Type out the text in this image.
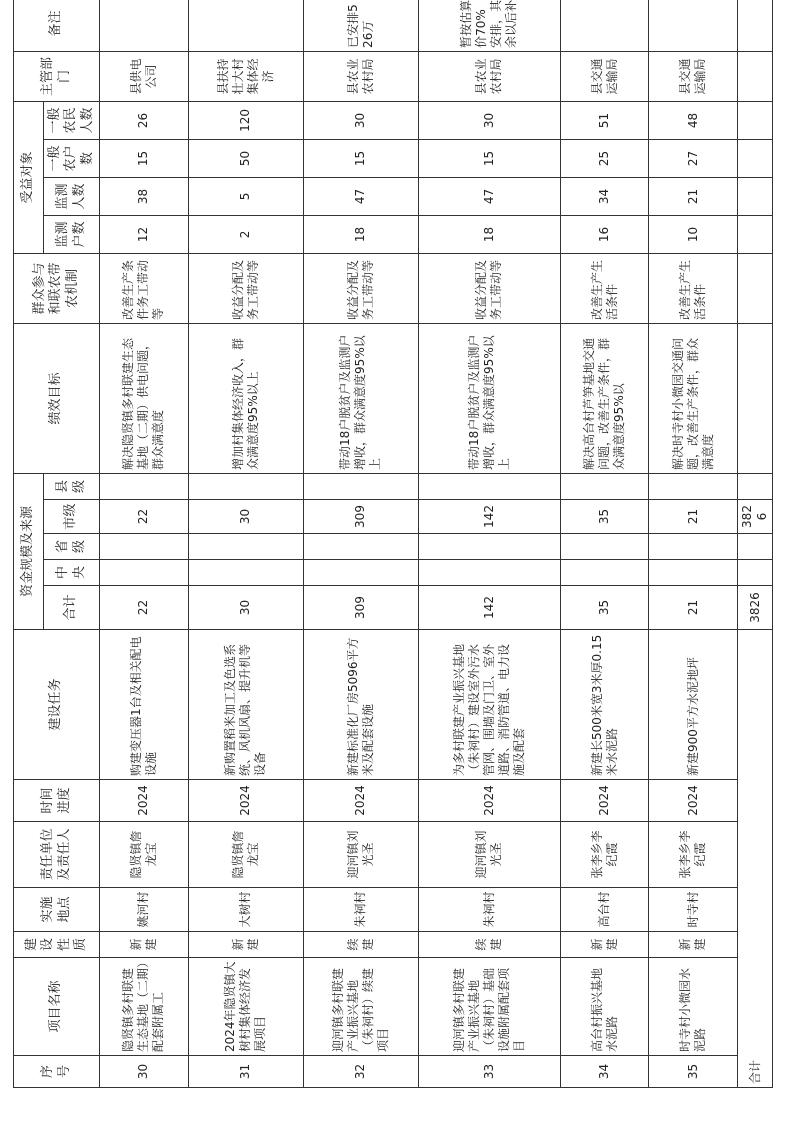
序号	项目名称	建设性质	实施地点	责任单位及责任人	时间进度	建设任务	资金规模及来源					绩效目标	群众参与和联农带农机制	受益对象				主管部门	备注
							合计	中央	省级	市级	县级			监测户数	监测人数	一般农户数	一般农民人数		

30	隐贤镇多村联建生态基地（二期）配套附属工	新建	姚河村	隐贤镇詹龙宝	2024	购建变压器1台及相关配电设施	22			22		解决隐贤镇多村联建生态基地（二期）供电问题，群众满意度	改善生产条件务工带动等	12	38	15	26	县供电公司	
31	2024年隐贤镇大树村集体经济发展项目	新建	大树村	隐贤镇詹龙宝	2024	新购置稻米加工及色选系统、风机风扇、提升机等设备	30			30		增加村集体经济收入，群众满意度95%以上	收益分配及务工带动等	2	5	50	120	县扶持壮大村集体经济	
32	迎河镇多村联建产业振兴基地（朱祠村）续建项目	续建	朱祠村	迎河镇刘光圣	2024	新建标准化厂房5096平方米及配套设施	309			309		带动18户脱贫户及监测户增收，群众满意度95%以上	收益分配及务工带动等	18	47	15	30	县农业农村局	已安排526万
33	迎河镇多村联建产业振兴基地（朱祠村）基础设施附属配套项目	续建	朱祠村	迎河镇刘光圣	2024	为多村联建产业振兴基地（朱祠村）建设室外污水管网、围墙及门卫、室外道路、消防管道、电力设施及配套	142			142		带动18户脱贫户及监测户增收，群众满意度95%以上	收益分配及务工带动等	18	47	15	30	县农业农村局	暂按估算价70%安排，其余以后补
34	高台村振兴基地水泥路	新建	高台村	张李乡李纪霞	2024	新建长500米宽3米厚0.15米水泥路	35			35		解决高台村芦笋基地交通问题，改善生产条件，群众满意度95%以	改善生产生活条件	16	34	25	51	县交通运输局	
35	时寺村小微园水泥路	新建	时寺村	张李乡李纪霞	2024	新建900平方水泥地坪	21			21		解决时寺村小微园交通问题，改善生产条件，群众满意度	改善生产生活条件	10	21	27	48	县交通运输局	
合计							3826			3826									
